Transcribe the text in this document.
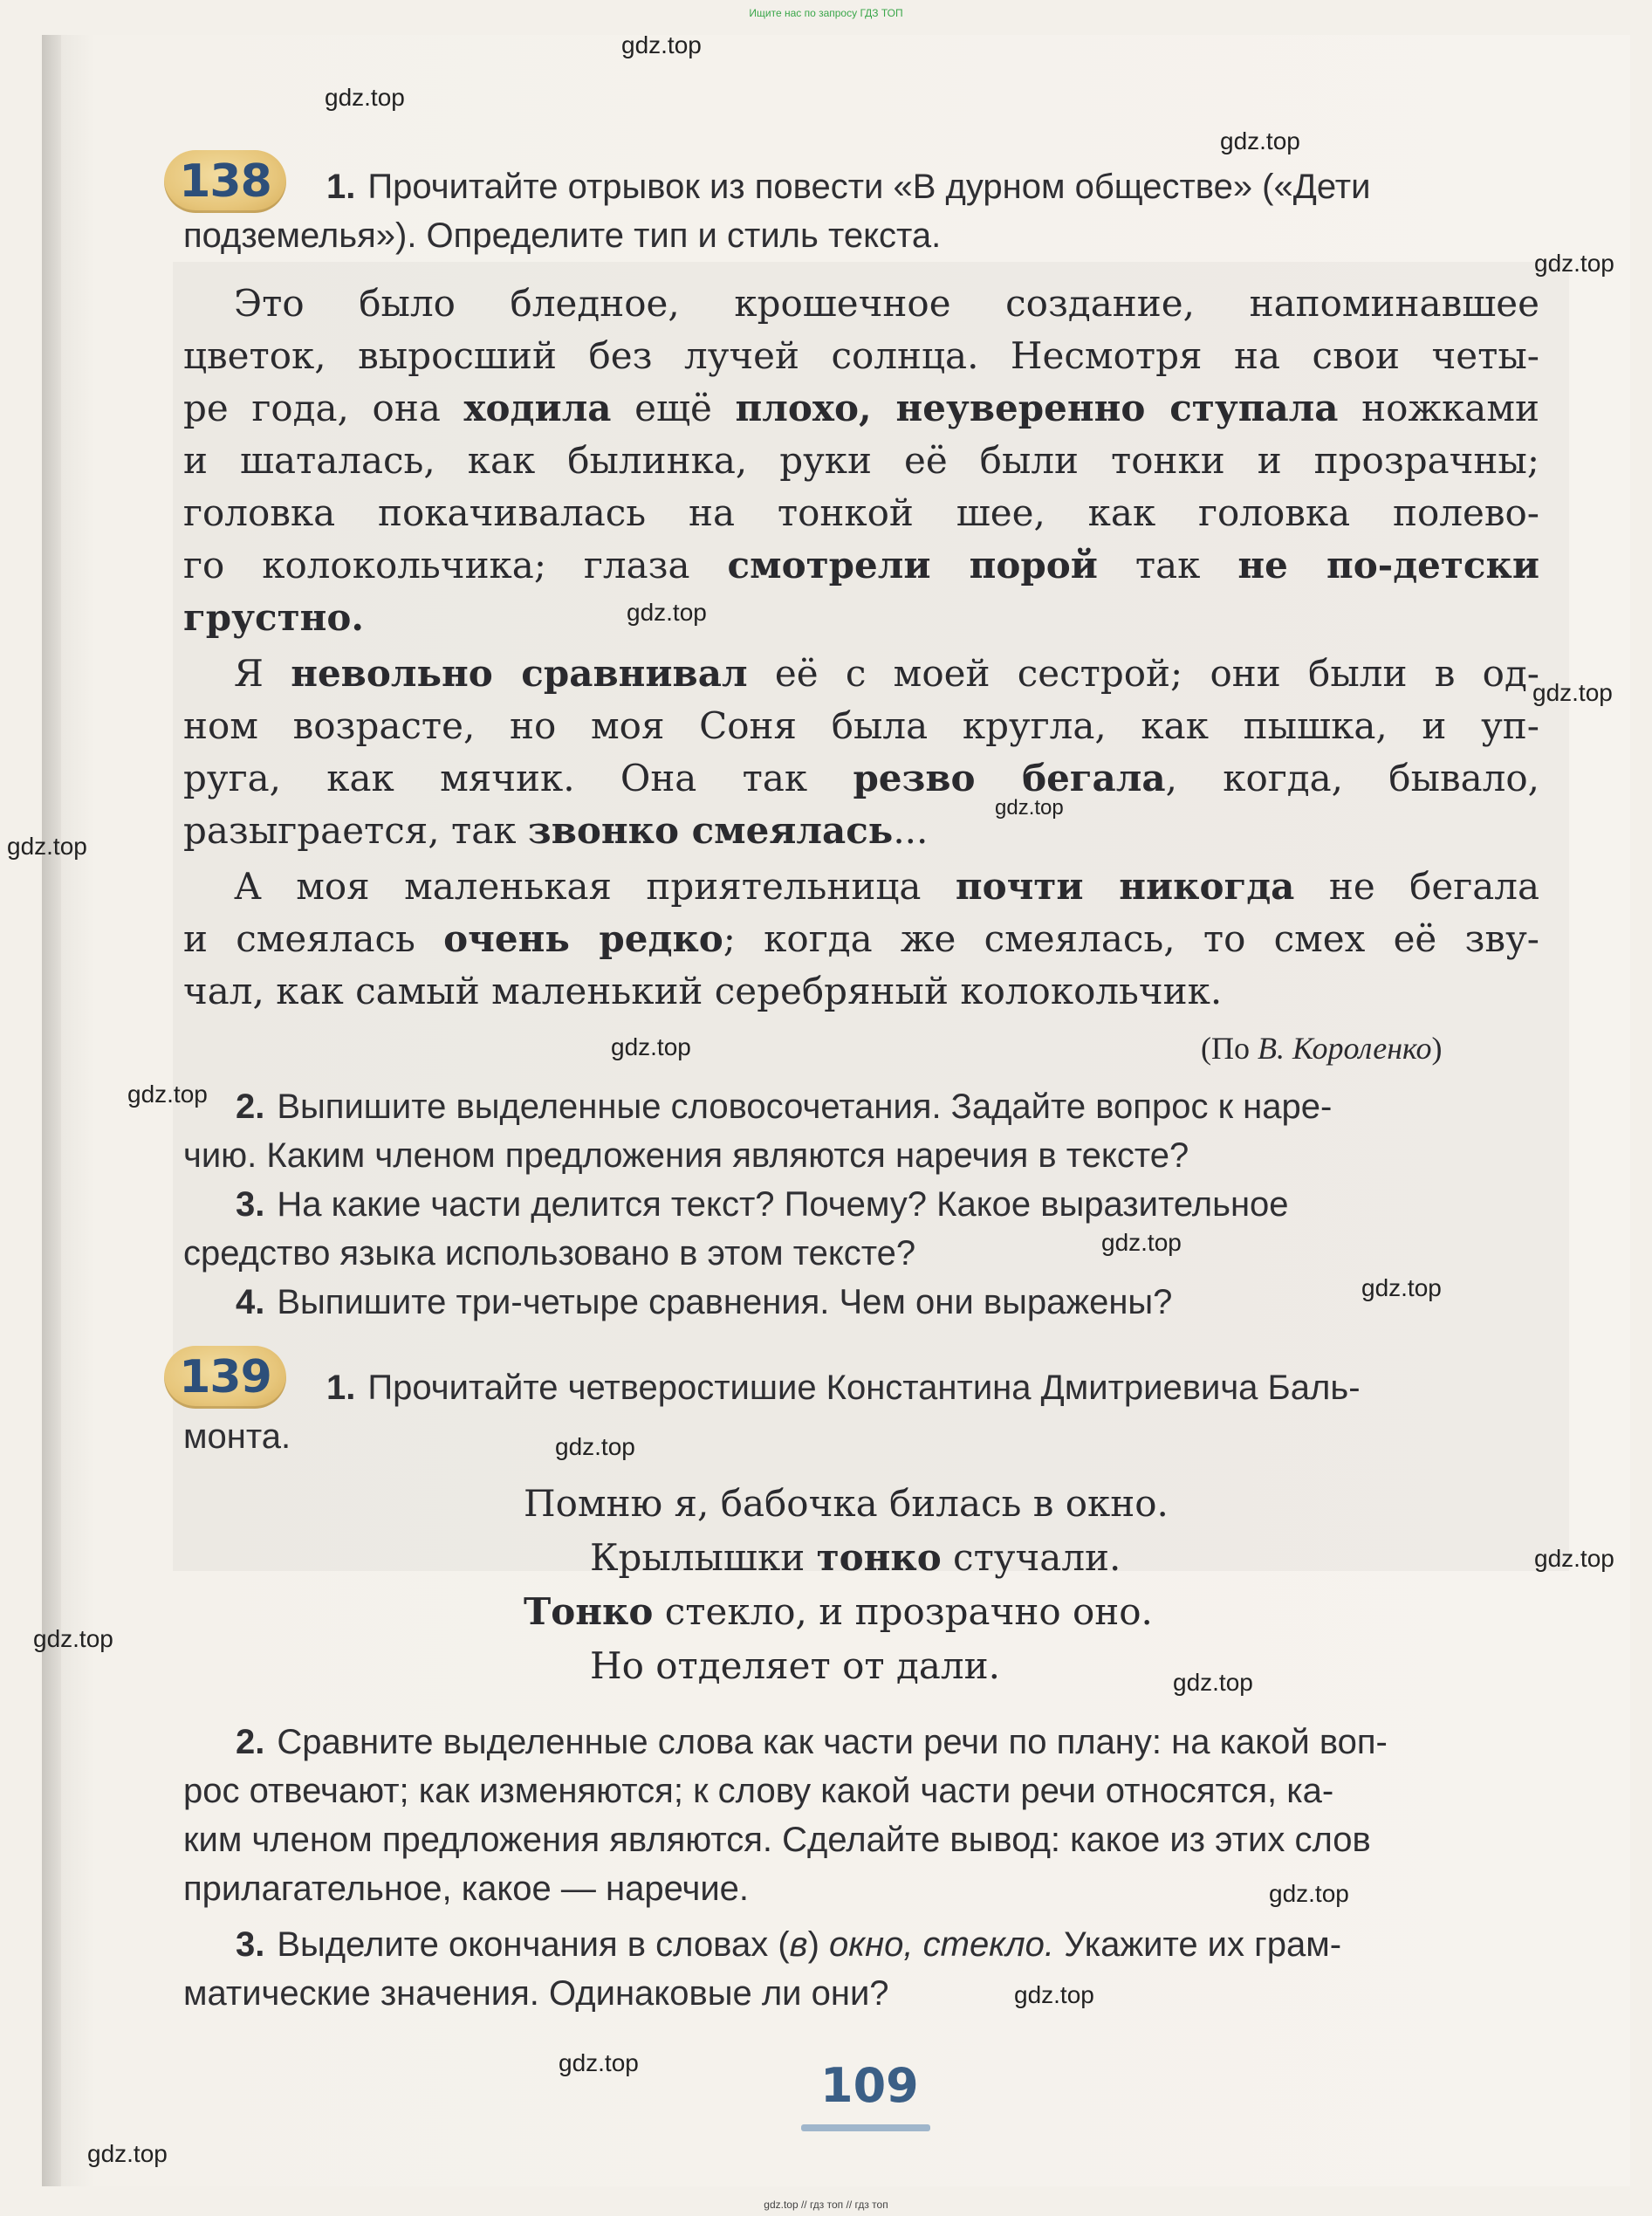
Ищите нас по запросу ГДЗ ТОП
gdz.top
gdz.top
gdz.top
gdz.top
gdz.top
gdz.top
gdz.top
gdz.top
gdz.top
gdz.top
gdz.top
gdz.top
gdz.top
gdz.top
gdz.top
gdz.top
gdz.top
gdz.top
gdz.top
gdz.top
138	1. Прочитайте отрывок из повести «В дурном обществе» («Дети
подземелья»). Определите тип и стиль текста.
Это было бледное, крошечное создание, напоминавшее
цветок, выросший без лучей солнца. Несмотря на свои четы-
ре года, она ходила ещё плохо, неуверенно ступала ножками
и шаталась, как былинка, руки её были тонки и прозрачны;
головка покачивалась на тонкой шее, как головка полево-
го колокольчика; глаза смотрели порой так не по-детски
грустно.
Я невольно сравнивал её с моей сестрой; они были в од-
ном возрасте, но моя Соня была кругла, как пышка, и уп-
руга, как мячик. Она так резво бегала, когда, бывало,
разыграется, так звонко смеялась...
А моя маленькая приятельница почти никогда не бегала
и смеялась очень редко; когда же смеялась, то смех её зву-
чал, как самый маленький серебряный колокольчик.
(По В. Короленко)
2. Выпишите выделенные словосочетания. Задайте вопрос к наре-
чию. Каким членом предложения являются наречия в тексте?
3. На какие части делится текст? Почему? Какое выразительное
средство языка использовано в этом тексте?
4. Выпишите три-четыре сравнения. Чем они выражены?
139	1. Прочитайте четверостишие Константина Дмитриевича Баль-
монта.
Помню я, бабочка билась в окно.
Крылышки тонко стучали.
Тонко стекло, и прозрачно оно.
Но отделяет от дали.
2. Сравните выделенные слова как части речи по плану: на какой воп-
рос отвечают; как изменяются; к слову какой части речи относятся, ка-
ким членом предложения являются. Сделайте вывод: какое из этих слов
прилагательное, какое — наречие.
3. Выделите окончания в словах (в) окно, стекло. Укажите их грам-
матические значения. Одинаковые ли они?
109
gdz.top // гдз топ // гдз топ
